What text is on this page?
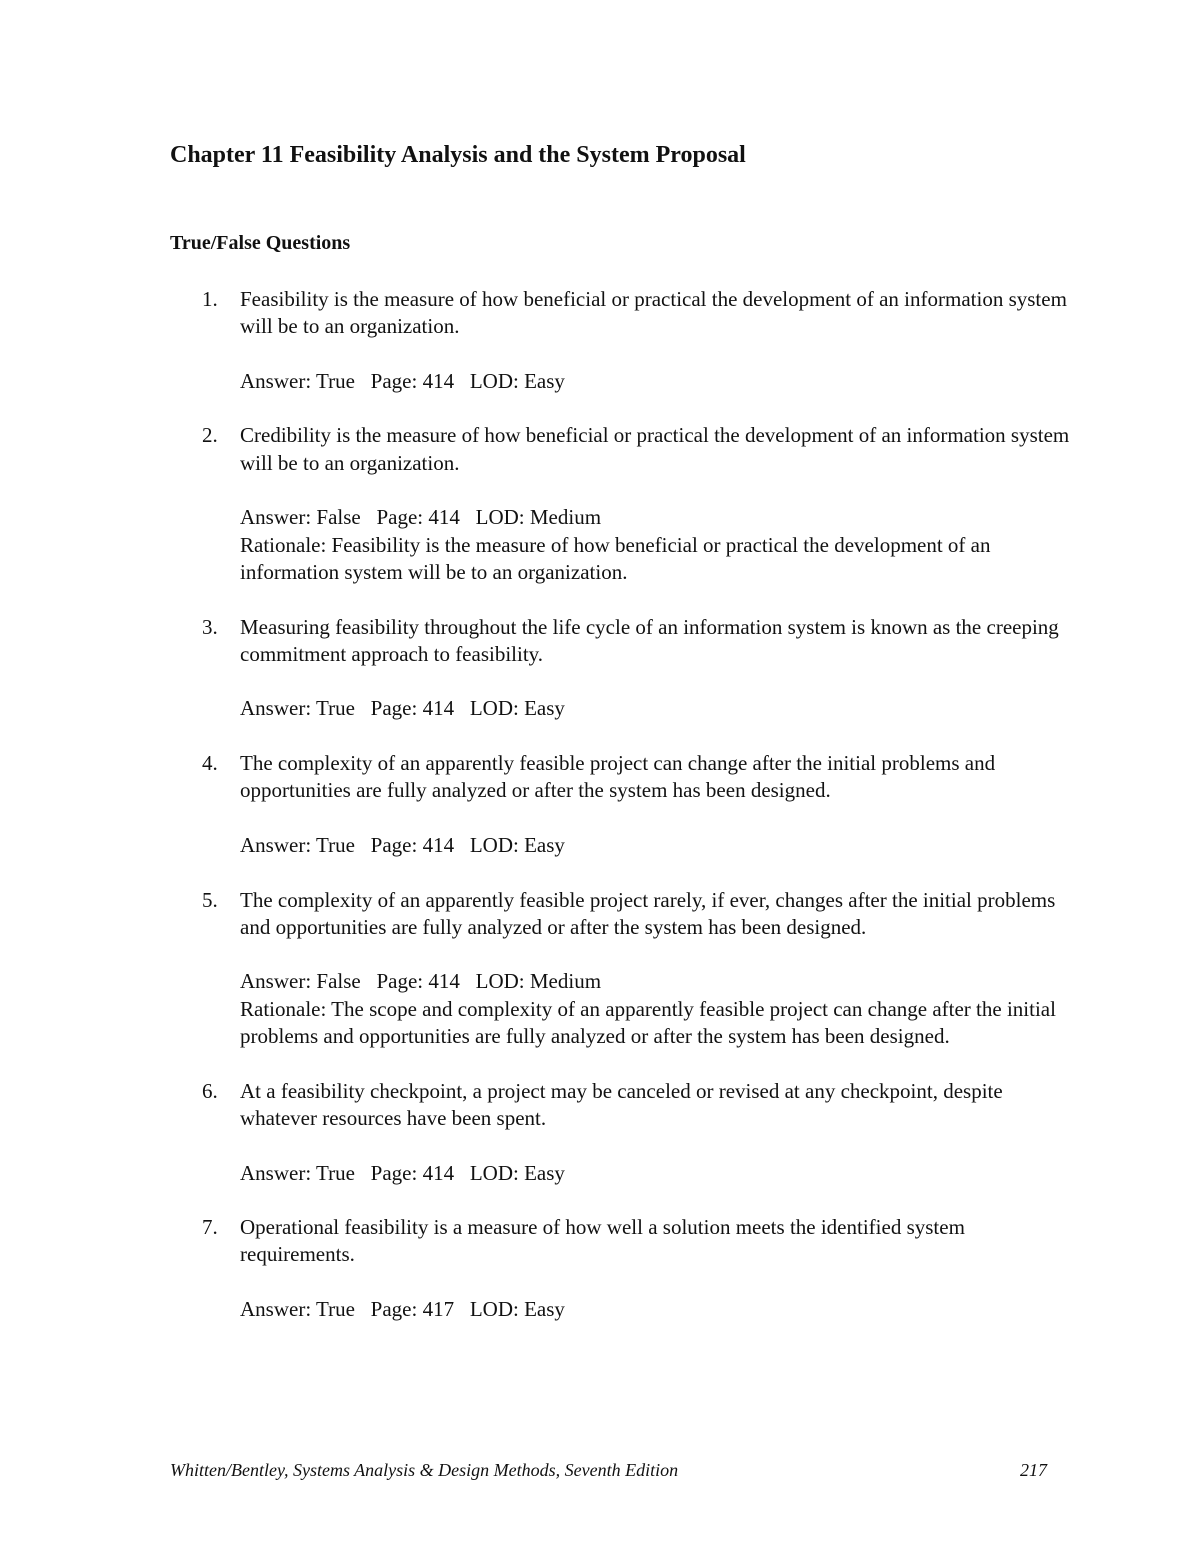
Chapter 11 Feasibility Analysis and the System Proposal
True/False Questions
1. Feasibility is the measure of how beneficial or practical the development of an information system will be to an organization.

Answer: True   Page: 414   LOD: Easy

2. Credibility is the measure of how beneficial or practical the development of an information system will be to an organization.

Answer: False   Page: 414   LOD: Medium

Rationale: Feasibility is the measure of how beneficial or practical the development of an information system will be to an organization.

3. Measuring feasibility throughout the life cycle of an information system is known as the creeping commitment approach to feasibility.

Answer: True   Page: 414   LOD: Easy

4. The complexity of an apparently feasible project can change after the initial problems and opportunities are fully analyzed or after the system has been designed.

Answer: True   Page: 414   LOD: Easy

5. The complexity of an apparently feasible project rarely, if ever, changes after the initial problems and opportunities are fully analyzed or after the system has been designed.

Answer: False   Page: 414   LOD: Medium

Rationale: The scope and complexity of an apparently feasible project can change after the initial problems and opportunities are fully analyzed or after the system has been designed.

6. At a feasibility checkpoint, a project may be canceled or revised at any checkpoint, despite whatever resources have been spent.

Answer: True   Page: 414   LOD: Easy

7. Operational feasibility is a measure of how well a solution meets the identified system requirements.

Answer: True   Page: 417   LOD: Easy

Whitten/Bentley, Systems Analysis & Design Methods, Seventh Edition	217
